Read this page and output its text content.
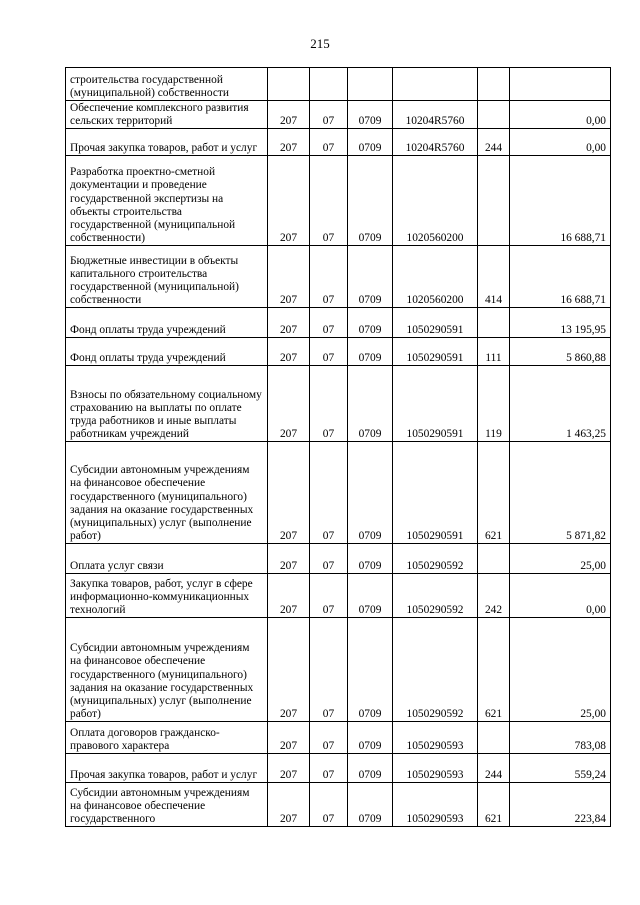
215
строительства государственной (муниципальной) собственности						
Обеспечение комплексного развития сельских территорий	207	07	0709	10204R5760		0,00
Прочая закупка товаров, работ и услуг	207	07	0709	10204R5760	244	0,00
Разработка проектно-сметной документации и проведение государственной экспертизы на объекты строительства государственной (муниципальной собственности)	207	07	0709	1020560200		16 688,71
Бюджетные инвестиции в объекты капитального строительства государственной (муниципальной) собственности	207	07	0709	1020560200	414	16 688,71
Фонд оплаты труда учреждений	207	07	0709	1050290591		13 195,95
Фонд оплаты труда учреждений	207	07	0709	1050290591	111	5 860,88
Взносы по обязательному социальному страхованию на выплаты по оплате труда работников и иные выплаты работникам учреждений	207	07	0709	1050290591	119	1 463,25
Субсидии автономным учреждениям на финансовое обеспечение государственного (муниципального) задания на оказание государственных (муниципальных) услуг (выполнение работ)	207	07	0709	1050290591	621	5 871,82
Оплата услуг связи	207	07	0709	1050290592		25,00
Закупка товаров, работ, услуг в сфере информационно-коммуникационных технологий	207	07	0709	1050290592	242	0,00
Субсидии автономным учреждениям на финансовое обеспечение государственного (муниципального) задания на оказание государственных (муниципальных) услуг (выполнение работ)	207	07	0709	1050290592	621	25,00
Оплата договоров гражданско-правового характера	207	07	0709	1050290593		783,08
Прочая закупка товаров, работ и услуг	207	07	0709	1050290593	244	559,24
Субсидии автономным учреждениям на финансовое обеспечение государственного	207	07	0709	1050290593	621	223,84
